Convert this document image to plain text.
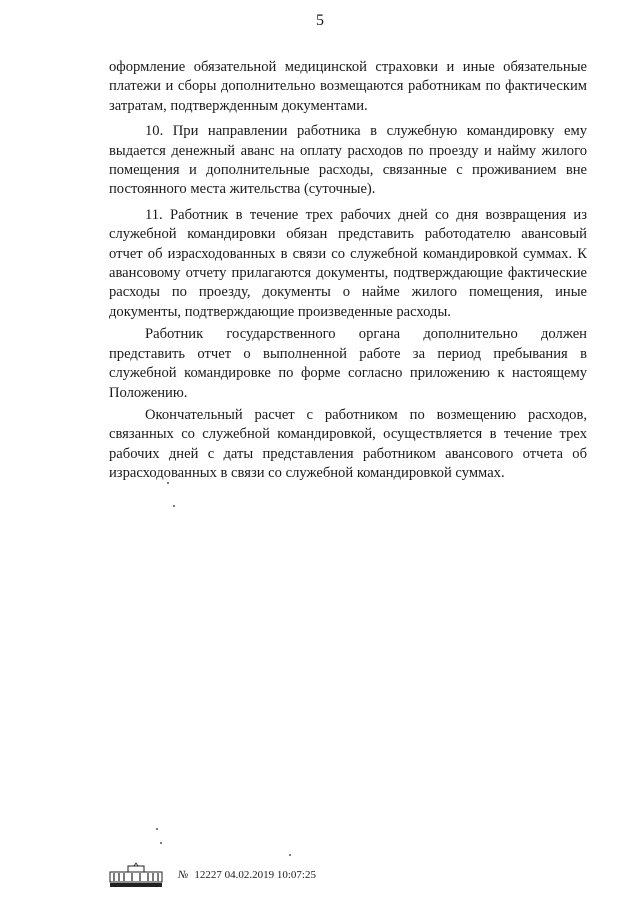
5

оформление обязательной медицинской страховки и иные обязательные платежи и сборы дополнительно возмещаются работникам по фактическим затратам, подтвержденным документами.

10. При направлении работника в служебную командировку ему выдается денежный аванс на оплату расходов по проезду и найму жилого помещения и дополнительные расходы, связанные с проживанием вне постоянного места жительства (суточные).

11. Работник в течение трех рабочих дней со дня возвращения из служебной командировки обязан представить работодателю авансовый отчет об израсходованных в связи со служебной командировкой суммах. К авансовому отчету прилагаются документы, подтверждающие фактические расходы по проезду, документы о найме жилого помещения, иные документы, подтверждающие произведенные расходы.

Работник государственного органа дополнительно должен представить отчет о выполненной работе за период пребывания в служебной командировке по форме согласно приложению к настоящему Положению.

Окончательный расчет с работником по возмещению расходов, связанных со служебной командировкой, осуществляется в течение трех рабочих дней с даты представления работником авансового отчета об израсходованных в связи со служебной командировкой суммах.

№ 12227 04.02.2019 10:07:25
